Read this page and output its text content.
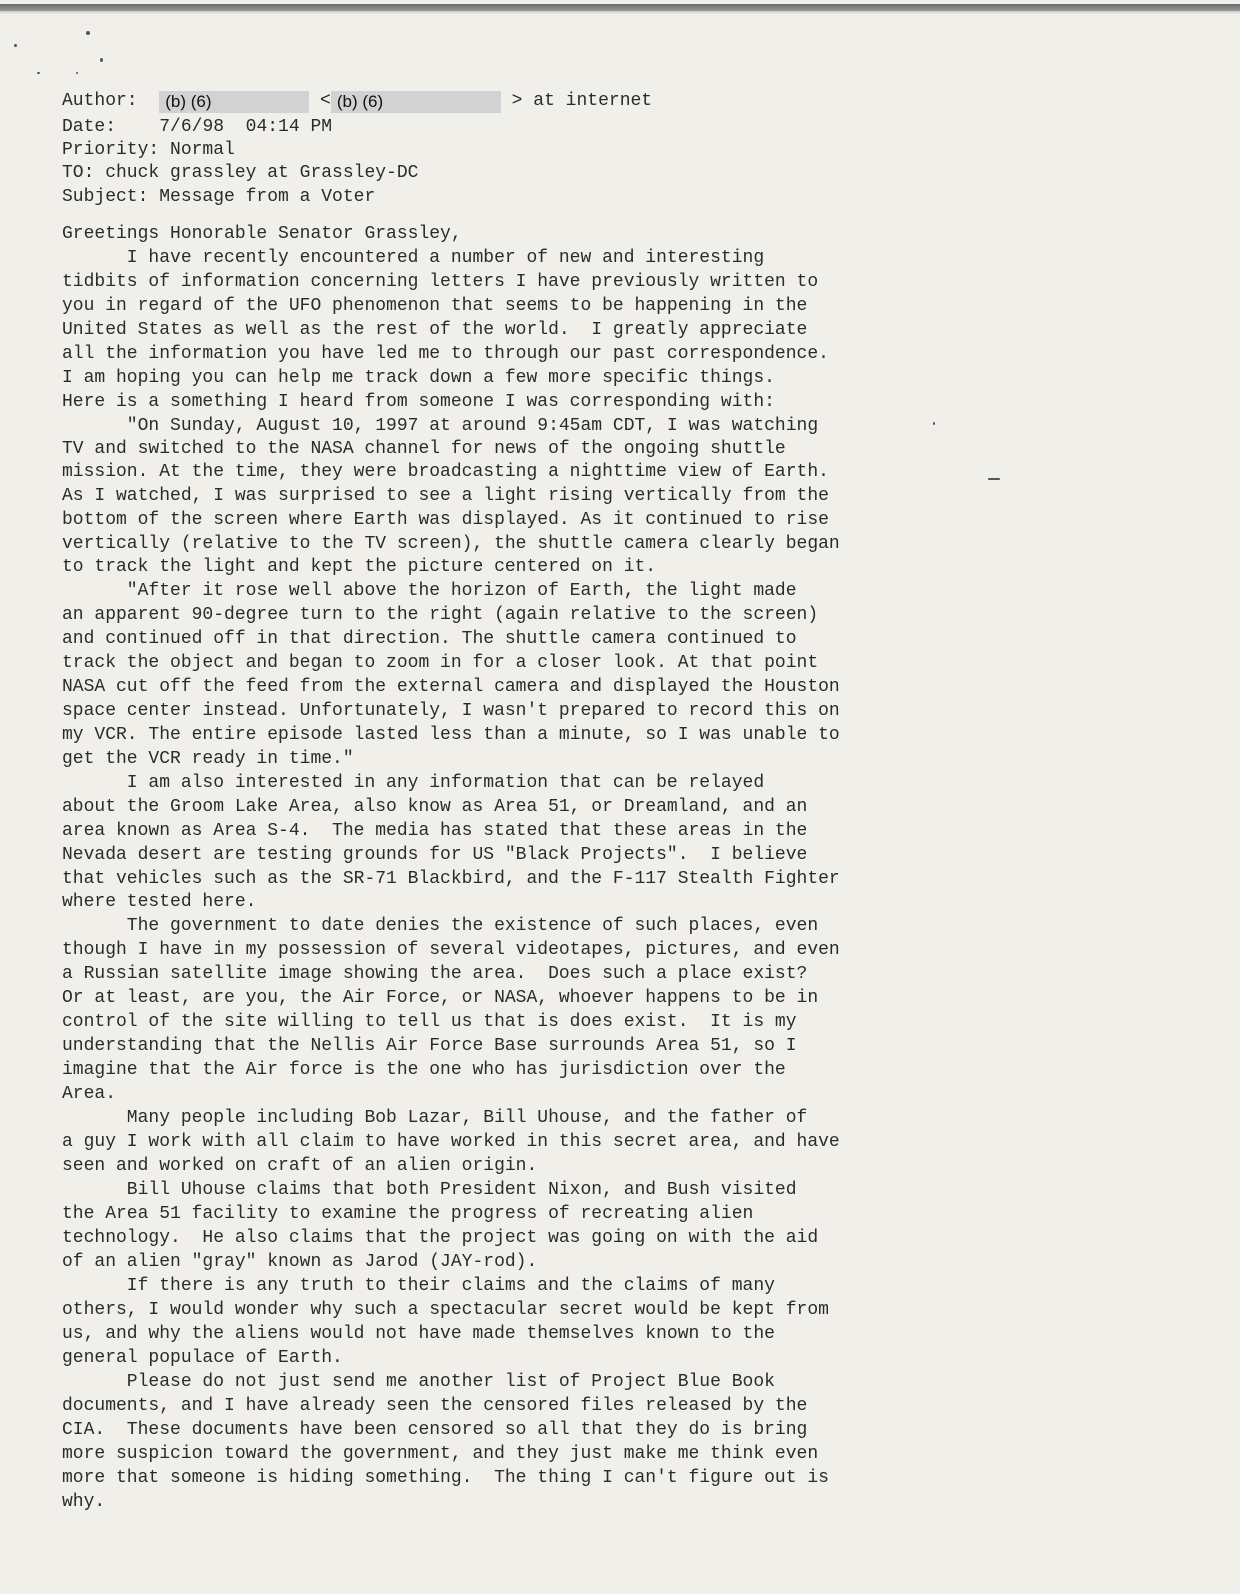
Author: (b) (6)	< (b) (6)	> at internet
Date: 7/6/98  04:14 PM
Priority: Normal
TO: chuck grassley at Grassley-DC
Subject: Message from a Voter

Greetings Honorable Senator Grassley,

I have recently encountered a number of new and interesting

tidbits of information concerning letters I have previously written to

you in regard of the UFO phenomenon that seems to be happening in the

United States as well as the rest of the world.  I greatly appreciate

all the information you have led me to through our past correspondence.

I am hoping you can help me track down a few more specific things.

Here is a something I heard from someone I was corresponding with:

"On Sunday, August 10, 1997 at around 9:45am CDT, I was watching

TV and switched to the NASA channel for news of the ongoing shuttle

mission. At the time, they were broadcasting a nighttime view of Earth.

As I watched, I was surprised to see a light rising vertically from the

bottom of the screen where Earth was displayed. As it continued to rise

vertically (relative to the TV screen), the shuttle camera clearly began

to track the light and kept the picture centered on it.

"After it rose well above the horizon of Earth, the light made

an apparent 90-degree turn to the right (again relative to the screen)

and continued off in that direction. The shuttle camera continued to

track the object and began to zoom in for a closer look. At that point

NASA cut off the feed from the external camera and displayed the Houston

space center instead. Unfortunately, I wasn't prepared to record this on

my VCR. The entire episode lasted less than a minute, so I was unable to

get the VCR ready in time."

I am also interested in any information that can be relayed

about the Groom Lake Area, also know as Area 51, or Dreamland, and an

area known as Area S-4.  The media has stated that these areas in the

Nevada desert are testing grounds for US "Black Projects".  I believe

that vehicles such as the SR-71 Blackbird, and the F-117 Stealth Fighter

where tested here.

The government to date denies the existence of such places, even

though I have in my possession of several videotapes, pictures, and even

a Russian satellite image showing the area.  Does such a place exist?

Or at least, are you, the Air Force, or NASA, whoever happens to be in

control of the site willing to tell us that is does exist.  It is my

understanding that the Nellis Air Force Base surrounds Area 51, so I

imagine that the Air force is the one who has jurisdiction over the

Area.

Many people including Bob Lazar, Bill Uhouse, and the father of

a guy I work with all claim to have worked in this secret area, and have

seen and worked on craft of an alien origin.

Bill Uhouse claims that both President Nixon, and Bush visited

the Area 51 facility to examine the progress of recreating alien

technology.  He also claims that the project was going on with the aid

of an alien "gray" known as Jarod (JAY-rod).

If there is any truth to their claims and the claims of many

others, I would wonder why such a spectacular secret would be kept from

us, and why the aliens would not have made themselves known to the

general populace of Earth.

Please do not just send me another list of Project Blue Book

documents, and I have already seen the censored files released by the

CIA.  These documents have been censored so all that they do is bring

more suspicion toward the government, and they just make me think even

more that someone is hiding something.  The thing I can't figure out is

why.
